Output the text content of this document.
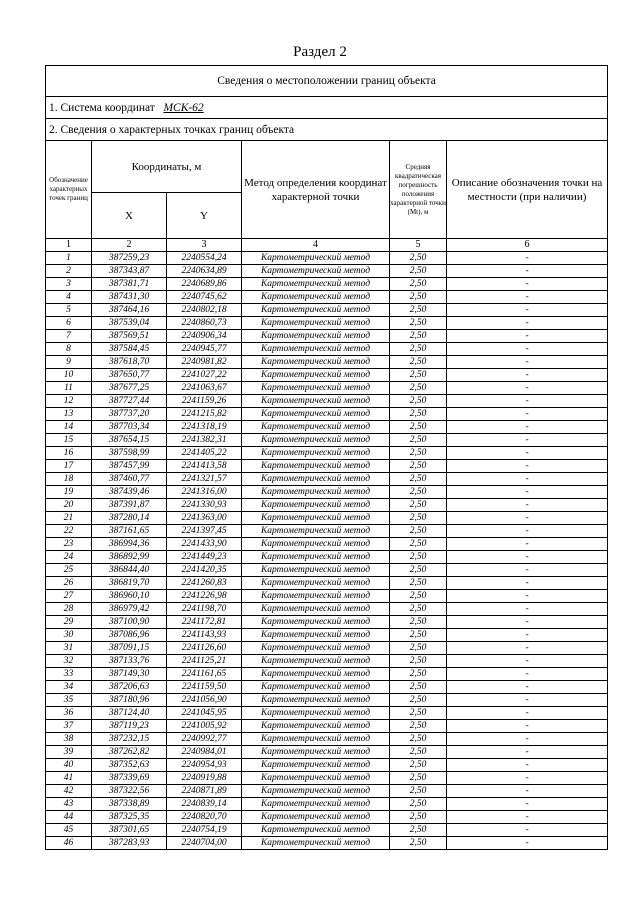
Раздел 2
Сведения о местоположении границ объекта					
1. Система координат МСК-62					
2. Сведения о характерных точках границ объекта					
Обозначение характерных точек границ	Координаты, м		Метод определения координат характерной точки	Средняя квадратическая погрешность положения характерной точки (Mt), м	Описание обозначения точки на местности (при наличии)
	X	Y			
1	2	3	4	5	6
1	387259,23	2240554,24	Картометрический метод	2,50	-
2	387343,87	2240634,89	Картометрический метод	2,50	-
3	387381,71	2240689,86	Картометрический метод	2,50	-
4	387431,30	2240745,62	Картометрический метод	2,50	-
5	387464,16	2240802,18	Картометрический метод	2,50	-
6	387539,04	2240860,73	Картометрический метод	2,50	-
7	387569,51	2240906,34	Картометрический метод	2,50	-
8	387584,45	2240945,77	Картометрический метод	2,50	-
9	387618,70	2240981,82	Картометрический метод	2,50	-
10	387650,77	2241027,22	Картометрический метод	2,50	-
11	387677,25	2241063,67	Картометрический метод	2,50	-
12	387727,44	2241159,26	Картометрический метод	2,50	-
13	387737,20	2241215,82	Картометрический метод	2,50	-
14	387703,34	2241318,19	Картометрический метод	2,50	-
15	387654,15	2241382,31	Картометрический метод	2,50	-
16	387598,99	2241405,22	Картометрический метод	2,50	-
17	387457,99	2241413,58	Картометрический метод	2,50	-
18	387460,77	2241321,57	Картометрический метод	2,50	-
19	387439,46	2241316,00	Картометрический метод	2,50	-
20	387391,87	2241330,93	Картометрический метод	2,50	-
21	387280,14	2241363,00	Картометрический метод	2,50	-
22	387161,65	2241397,45	Картометрический метод	2,50	-
23	386994,36	2241433,90	Картометрический метод	2,50	-
24	386892,99	2241449,23	Картометрический метод	2,50	-
25	386844,40	2241420,35	Картометрический метод	2,50	-
26	386819,70	2241260,83	Картометрический метод	2,50	-
27	386960,10	2241226,98	Картометрический метод	2,50	-
28	386979,42	2241198,70	Картометрический метод	2,50	-
29	387100,90	2241172,81	Картометрический метод	2,50	-
30	387086,96	2241143,93	Картометрический метод	2,50	-
31	387091,15	2241126,60	Картометрический метод	2,50	-
32	387133,76	2241125,21	Картометрический метод	2,50	-
33	387149,30	2241161,65	Картометрический метод	2,50	-
34	387206,63	2241159,50	Картометрический метод	2,50	-
35	387180,96	2241056,90	Картометрический метод	2,50	-
36	387124,40	2241045,95	Картометрический метод	2,50	-
37	387119,23	2241005,92	Картометрический метод	2,50	-
38	387232,15	2240992,77	Картометрический метод	2,50	-
39	387262,82	2240984,01	Картометрический метод	2,50	-
40	387352,63	2240954,93	Картометрический метод	2,50	-
41	387339,69	2240919,88	Картометрический метод	2,50	-
42	387322,56	2240871,89	Картометрический метод	2,50	-
43	387338,89	2240839,14	Картометрический метод	2,50	-
44	387325,35	2240820,70	Картометрический метод	2,50	-
45	387301,65	2240754,19	Картометрический метод	2,50	-
46	387283,93	2240704,00	Картометрический метод	2,50	-
